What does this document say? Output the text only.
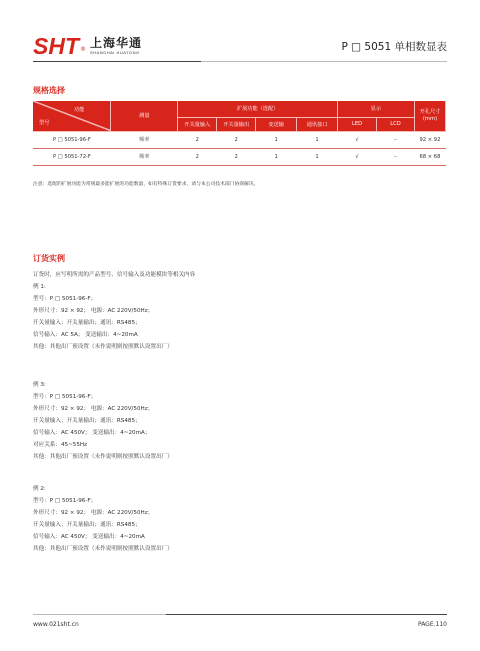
SHT ® 上海华通
SHANGHAI HUATONG	P □ 5051 单相数显表
规格选择
功能
型号	测量	扩展功能（选配）				显示		开孔尺寸
(mm)
		开关量输入	开关量输出	变送输	通讯接口	LED	LCD	
P □ 5051-96-F	频率	2	2	1	1	√	–	92 × 92
P □ 5051-72-F	频率	2	2	1	1	√	–	68 × 68
注意：选配的扩展功能为常规最多能扩展的功能数量，如有特殊订货要求，请与本公司技术部门协商解决。
订货实例
订货时，应写明所需的产品型号、信号输入及功能模块等相关内容
例 1:
型号：P □ 5051-96-F；
外形尺寸：92 × 92； 电源：AC 220V/50Hz；
开关量输入；开关量输出；通讯：RS485；
信号输入：AC 5A； 变送输出：4~20mA
其他：其他出厂预设置（未作说明则按照默认设置出厂）
例 3:
型号：P □ 5051-96-F；
外形尺寸：92 × 92； 电源：AC 220V/50Hz；
开关量输入；开关量输出；通讯：RS485；
信号输入：AC 450V； 变送输出：4~20mA；
对应关系：45~55Hz
其他：其他出厂预设置（未作说明则按照默认设置出厂）
例 2:
型号：P □ 5051-96-F；
外形尺寸：92 × 92； 电源：AC 220V/50Hz；
开关量输入；开关量输出；通讯：RS485；
信号输入：AC 450V； 变送输出：4~20mA
其他：其他出厂预设置（未作说明则按照默认设置出厂）
www.021sht.cn	PAGE.110
